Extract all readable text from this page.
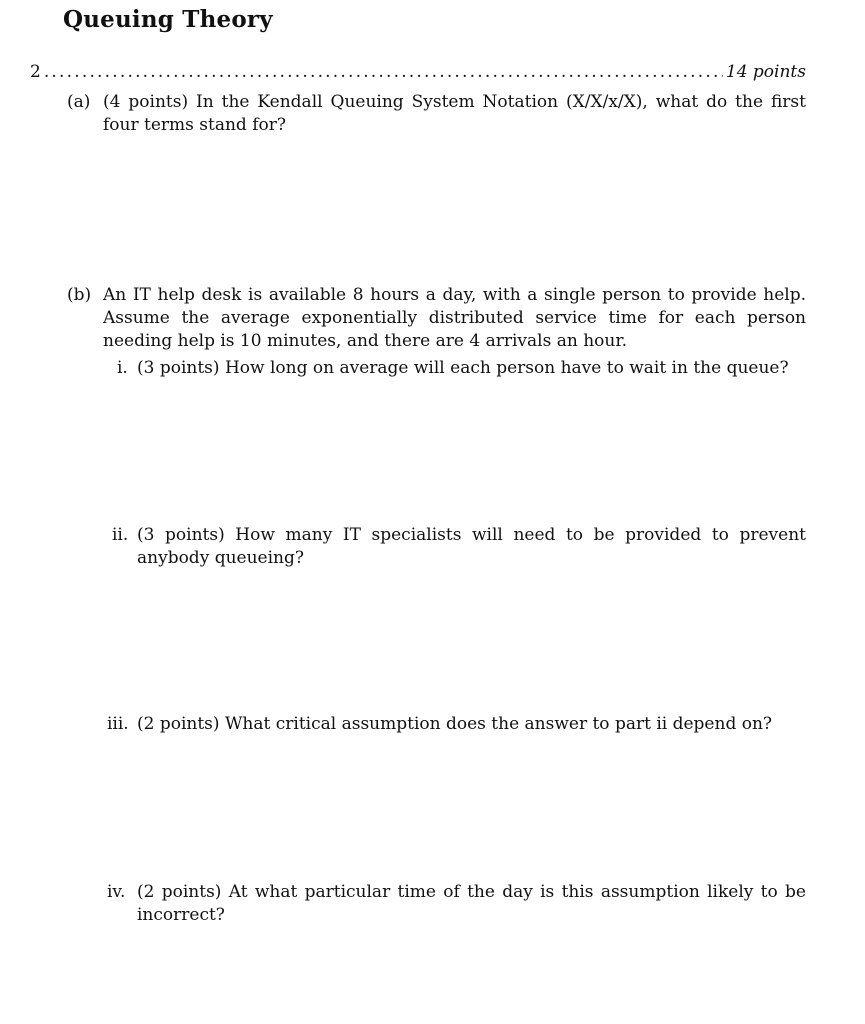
Queuing Theory
2
.....	14 points
(a) (4 points) In the Kendall Queuing System Notation (X/X/x/X), what do the first four terms stand for?
(b) An IT help desk is available 8 hours a day, with a single person to provide help. Assume the average exponentially distributed service time for each person needing help is 10 minutes, and there are 4 arrivals an hour.
i. (3 points) How long on average will each person have to wait in the queue?
ii. (3 points) How many IT specialists will need to be provided to prevent anybody queueing?
iii. (2 points) What critical assumption does the answer to part ii depend on?
iv. (2 points) At what particular time of the day is this assumption likely to be incorrect?
